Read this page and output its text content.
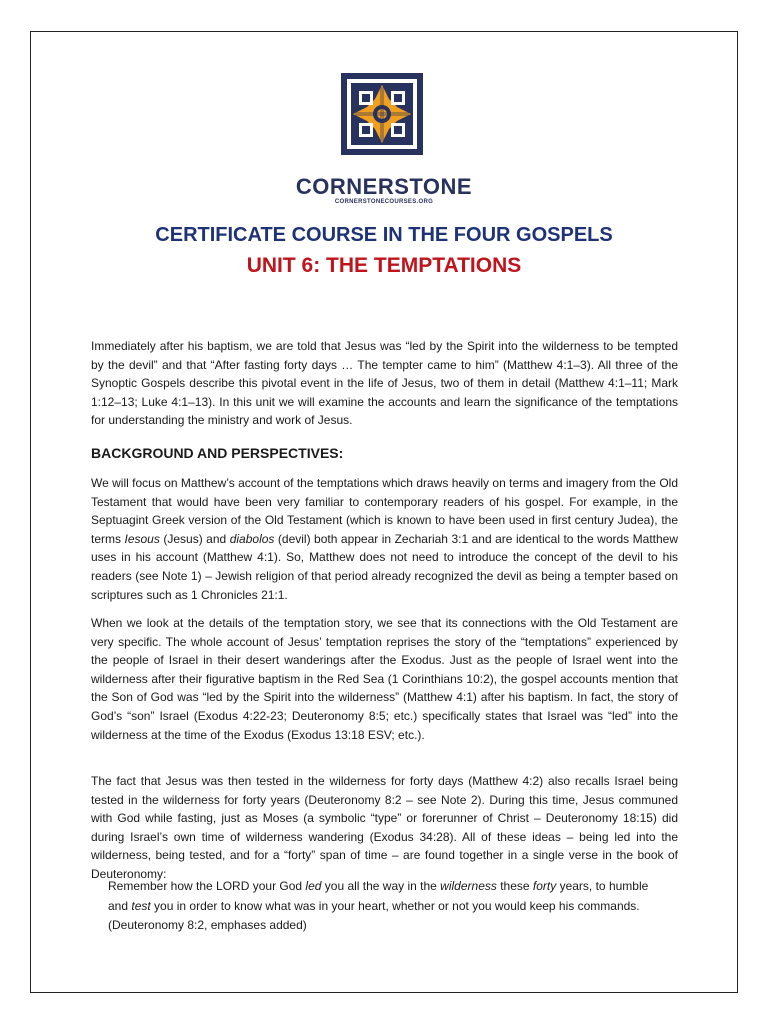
CORNERSTONE
CORNERSTONECOURSES.ORG
CERTIFICATE COURSE IN THE FOUR GOSPELS
UNIT 6: THE TEMPTATIONS

Immediately after his baptism, we are told that Jesus was “led by the Spirit into the wilderness to be tempted by the devil” and that “After fasting forty days … The tempter came to him” (Matthew 4:1–3). All three of the Synoptic Gospels describe this pivotal event in the life of Jesus, two of them in detail (Matthew 4:1–11; Mark 1:12–13; Luke 4:1–13). In this unit we will examine the accounts and learn the significance of the temptations for understanding the ministry and work of Jesus.

BACKGROUND AND PERSPECTIVES:

We will focus on Matthew’s account of the temptations which draws heavily on terms and imagery from the Old Testament that would have been very familiar to contemporary readers of his gospel. For example, in the Septuagint Greek version of the Old Testament (which is known to have been used in first century Judea), the terms Iesous (Jesus) and diabolos (devil) both appear in Zechariah 3:1 and are identical to the words Matthew uses in his account (Matthew 4:1). So, Matthew does not need to introduce the concept of the devil to his readers (see Note 1) – Jewish religion of that period already recognized the devil as being a tempter based on scriptures such as 1 Chronicles 21:1.

When we look at the details of the temptation story, we see that its connections with the Old Testament are very specific. The whole account of Jesus’ temptation reprises the story of the “temptations” experienced by the people of Israel in their desert wanderings after the Exodus. Just as the people of Israel went into the wilderness after their figurative baptism in the Red Sea (1 Corinthians 10:2), the gospel accounts mention that the Son of God was “led by the Spirit into the wilderness” (Matthew 4:1) after his baptism. In fact, the story of God’s “son” Israel (Exodus 4:22-23; Deuteronomy 8:5; etc.) specifically states that Israel was “led” into the wilderness at the time of the Exodus (Exodus 13:18 ESV; etc.).

The fact that Jesus was then tested in the wilderness for forty days (Matthew 4:2) also recalls Israel being tested in the wilderness for forty years (Deuteronomy 8:2 – see Note 2). During this time, Jesus communed with God while fasting, just as Moses (a symbolic “type” or forerunner of Christ – Deuteronomy 18:15) did during Israel’s own time of wilderness wandering (Exodus 34:28). All of these ideas – being led into the wilderness, being tested, and for a “forty” span of time – are found together in a single verse in the book of Deuteronomy:

Remember how the LORD your God led you all the way in the wilderness these forty years, to humble and test you in order to know what was in your heart, whether or not you would keep his commands. (Deuteronomy 8:2, emphases added)
